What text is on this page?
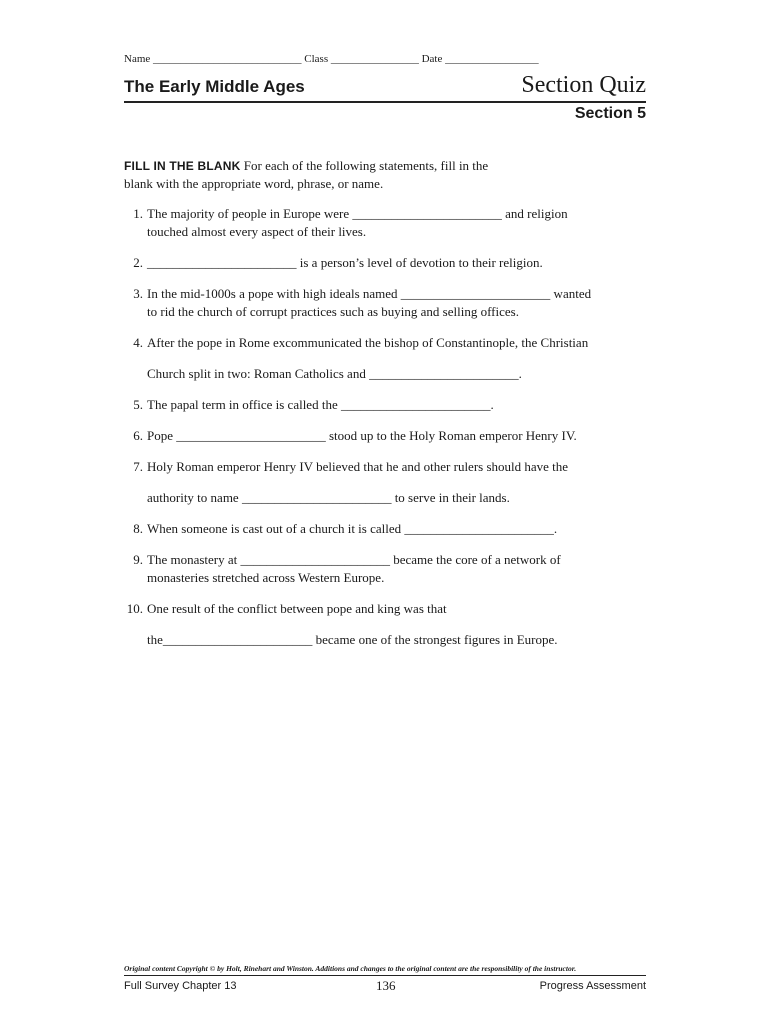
Name ___________________________ Class ________________ Date _________________
The Early Middle Ages	Section Quiz
Section 5
FILL IN THE BLANK For each of the following statements, fill in the
blank with the appropriate word, phrase, or name.
1. The majority of people in Europe were _______________________ and religion
touched almost every aspect of their lives.
2. _______________________ is a person’s level of devotion to their religion.
3. In the mid-1000s a pope with high ideals named _______________________ wanted
to rid the church of corrupt practices such as buying and selling offices.
4. After the pope in Rome excommunicated the bishop of Constantinople, the Christian
Church split in two: Roman Catholics and _______________________.
5. The papal term in office is called the _______________________.
6. Pope _______________________ stood up to the Holy Roman emperor Henry IV.
7. Holy Roman emperor Henry IV believed that he and other rulers should have the
authority to name _______________________ to serve in their lands.
8. When someone is cast out of a church it is called _______________________.
9. The monastery at _______________________ became the core of a network of
monasteries stretched across Western Europe.
10. One result of the conflict between pope and king was that
the_______________________ became one of the strongest figures in Europe.
Original content Copyright © by Holt, Rinehart and Winston. Additions and changes to the original content are the responsibility of the instructor.
Full Survey Chapter 13	136	Progress Assessment
